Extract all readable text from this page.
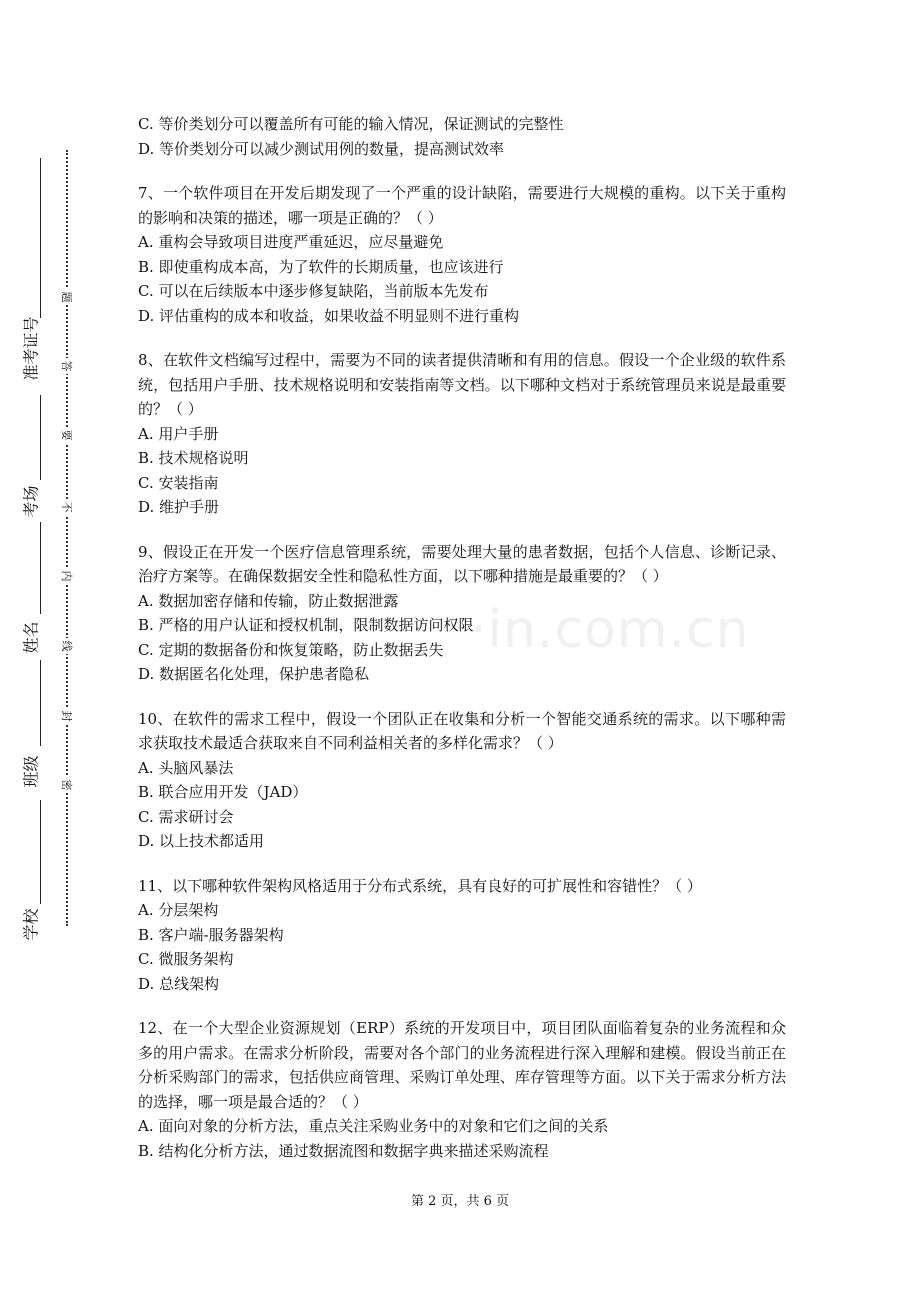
准考证号
考场
姓名
班级
学校
题
答
要
不
内
线
封
密
·in.com.cn

C. 等价类划分可以覆盖所有可能的输入情况，保证测试的完整性

D. 等价类划分可以减少测试用例的数量，提高测试效率

7、一个软件项目在开发后期发现了一个严重的设计缺陷，需要进行大规模的重构。以下关于重构的影响和决策的描述，哪一项是正确的？（ ）

A. 重构会导致项目进度严重延迟，应尽量避免

B. 即使重构成本高，为了软件的长期质量，也应该进行

C. 可以在后续版本中逐步修复缺陷，当前版本先发布

D. 评估重构的成本和收益，如果收益不明显则不进行重构

8、在软件文档编写过程中，需要为不同的读者提供清晰和有用的信息。假设一个企业级的软件系统，包括用户手册、技术规格说明和安装指南等文档。以下哪种文档对于系统管理员来说是最重要的？（ ）

A. 用户手册

B. 技术规格说明

C. 安装指南

D. 维护手册

9、假设正在开发一个医疗信息管理系统，需要处理大量的患者数据，包括个人信息、诊断记录、治疗方案等。在确保数据安全性和隐私性方面，以下哪种措施是最重要的？（ ）

A. 数据加密存储和传输，防止数据泄露

B. 严格的用户认证和授权机制，限制数据访问权限

C. 定期的数据备份和恢复策略，防止数据丢失

D. 数据匿名化处理，保护患者隐私

10、在软件的需求工程中，假设一个团队正在收集和分析一个智能交通系统的需求。以下哪种需求获取技术最适合获取来自不同利益相关者的多样化需求？（ ）

A. 头脑风暴法

B. 联合应用开发（JAD）

C. 需求研讨会

D. 以上技术都适用

11、以下哪种软件架构风格适用于分布式系统，具有良好的可扩展性和容错性？（ ）

A. 分层架构

B. 客户端-服务器架构

C. 微服务架构

D. 总线架构

12、在一个大型企业资源规划（ERP）系统的开发项目中，项目团队面临着复杂的业务流程和众多的用户需求。在需求分析阶段，需要对各个部门的业务流程进行深入理解和建模。假设当前正在分析采购部门的需求，包括供应商管理、采购订单处理、库存管理等方面。以下关于需求分析方法的选择，哪一项是最合适的？（ ）

A. 面向对象的分析方法，重点关注采购业务中的对象和它们之间的关系

B. 结构化分析方法，通过数据流图和数据字典来描述采购流程

第 2 页，共 6 页
